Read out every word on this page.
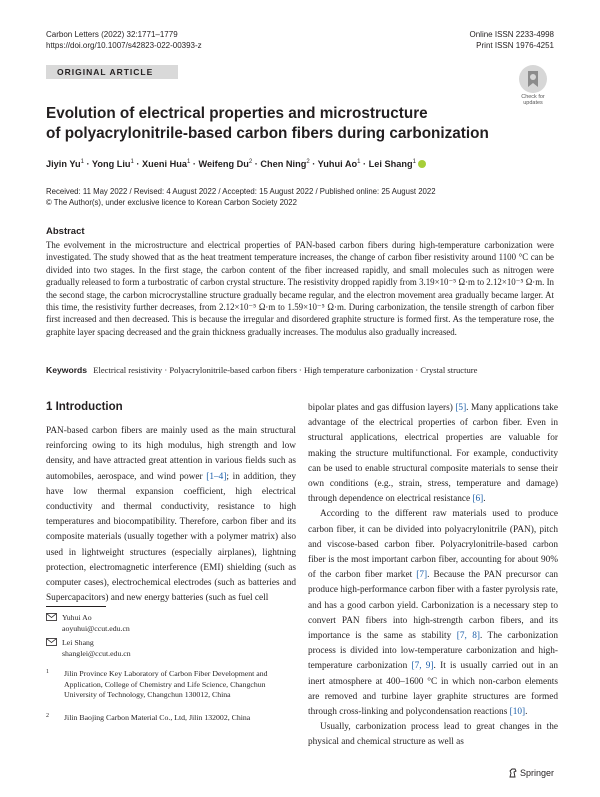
Carbon Letters (2022) 32:1771–1779
https://doi.org/10.1007/s42823-022-00393-z
Online ISSN 2233-4998
Print ISSN 1976-4251
ORIGINAL ARTICLE
Check for
updates
Evolution of electrical properties and microstructure
of polyacrylonitrile-based carbon fibers during carbonization
Jiyin $Yu^1$ · Yong Liu$^1$ · Xueni Hua$^1$ · Weifeng $Du^2$ · Chen Ning$^2$ · Yuhui $Ao^1$ · Lei Shang$^1$
Received: 11 May 2022 / Revised: 4 August 2022 / Accepted: 15 August 2022 / Published online: 25 August 2022
© The Author(s), under exclusive licence to Korean Carbon Society 2022
Abstract
The evolvement in the microstructure and electrical properties of PAN-based carbon fibers during high-temperature carbonization were investigated. The study showed that as the heat treatment temperature increases, the change of carbon fiber resistivity around 1100 °C can be divided into two stages. In the first stage, the carbon content of the fiber increased rapidly, and small molecules such as nitrogen were gradually released to form a turbostratic of carbon crystal structure. The resistivity dropped rapidly from 3.19×10⁻⁵ Ω·m to 2.12×10⁻⁵ Ω·m. In the second stage, the carbon microcrystalline structure gradually became regular, and the electron movement area gradually became larger. At this time, the resistivity further decreases, from 2.12×10⁻⁵ Ω·m to 1.59×10⁻⁵ Ω·m. During carbonization, the tensile strength of carbon fiber first increased and then decreased. This is because the irregular and disordered graphite structure is formed first. As the temperature rose, the graphite layer spacing decreased and the grain thickness gradually increases. The modulus also gradually increased.
Keywords Electrical resistivity · Polyacrylonitrile-based carbon fibers · High temperature carbonization · Crystal structure
1 Introduction

PAN-based carbon fibers are mainly used as the main structural reinforcing owing to its high modulus, high strength and low density, and have attracted great attention in various fields such as automobiles, aerospace, and wind power [1–4]; in addition, they have low thermal expansion coefficient, high electrical conductivity and thermal conductivity, resistance to high temperatures and biocompatibility. Therefore, carbon fiber and its composite materials (usually together with a polymer matrix) also used in lightweight structures (especially airplanes), lightning protection, electromagnetic interference (EMI) shielding (such as computer cases), electrochemical electrodes (such as batteries and Supercapacitors) and new energy batteries (such as fuel cell

bipolar plates and gas diffusion layers) [5]. Many applications take advantage of the electrical properties of carbon fiber. Even in structural applications, electrical properties are valuable for making the structure multifunctional. For example, conductivity can be used to enable structural composite materials to sense their own conditions (e.g., strain, stress, temperature and damage) through dependence on electrical resistance [6].

According to the different raw materials used to produce carbon fiber, it can be divided into polyacrylonitrile (PAN), pitch and viscose-based carbon fiber. Polyacrylonitrile-based carbon fiber is the most important carbon fiber, accounting for about 90% of the carbon fiber market [7]. Because the PAN precursor can produce high-performance carbon fiber with a faster pyrolysis rate, and has a good carbon yield. Carbonization is a necessary step to convert PAN fibers into high-strength carbon fibers, and its importance is the same as stability [7, 8]. The carbonization process is divided into low-temperature carbonization and high-temperature carbonization [7, 9]. It is usually carried out in an inert atmosphere at 400–1600 °C in which non-carbon elements are removed and turbine layer graphite structures are formed through cross-linking and polycondensation reactions [10].

Usually, carbonization process lead to great changes in the physical and chemical structure as well as

Yuhui Ao
aoyuhui@ccut.edu.cn
Lei Shang
shanglei@ccut.edu.cn
1 Jilin Province Key Laboratory of Carbon Fiber Development and Application, College of Chemistry and Life Science, Changchun University of Technology, Changchun 130012, China
2 Jilin Baojing Carbon Material Co., Ltd, Jilin 132002, China
Springer
